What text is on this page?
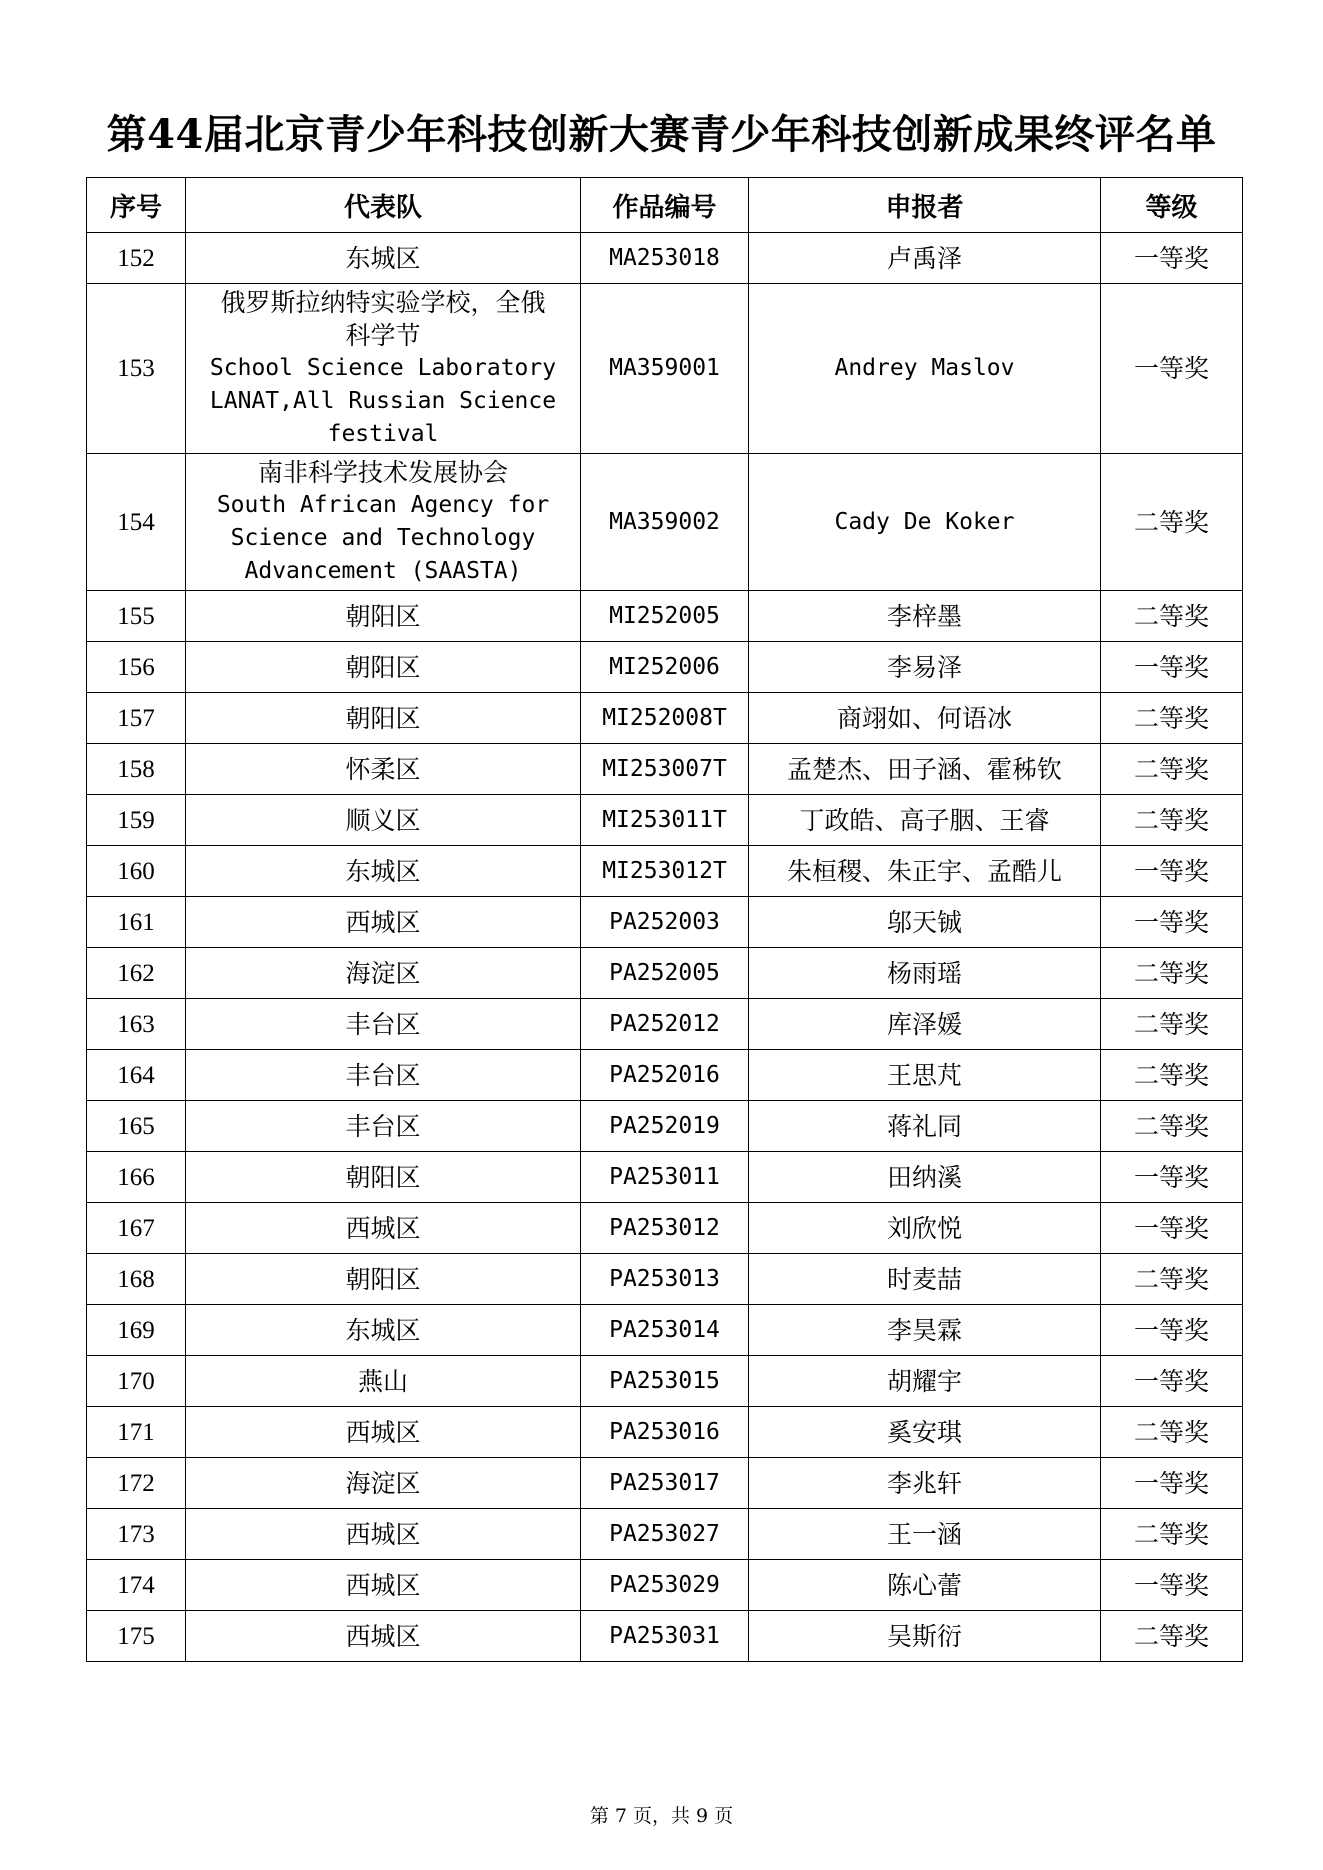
第44届北京青少年科技创新大赛青少年科技创新成果终评名单
序号	代表队	作品编号	申报者	等级
152	东城区	MA253018	卢禹泽	一等奖
153	俄罗斯拉纳特实验学校，全俄
科学节
School Science Laboratory
LANAT,All Russian Science
festival	MA359001	Andrey Maslov	一等奖
154	南非科学技术发展协会
South African Agency for
Science and Technology
Advancement (SAASTA)	MA359002	Cady De Koker	二等奖
155	朝阳区	MI252005	李梓墨	二等奖
156	朝阳区	MI252006	李易泽	一等奖
157	朝阳区	MI252008T	商翊如、何语冰	二等奖
158	怀柔区	MI253007T	孟楚杰、田子涵、霍秭钦	二等奖
159	顺义区	MI253011T	丁政皓、高子胭、王睿	二等奖
160	东城区	MI253012T	朱桓稷、朱正宇、孟酷儿	一等奖
161	西城区	PA252003	邬天铖	一等奖
162	海淀区	PA252005	杨雨瑶	二等奖
163	丰台区	PA252012	库泽媛	二等奖
164	丰台区	PA252016	王思芃	二等奖
165	丰台区	PA252019	蒋礼同	二等奖
166	朝阳区	PA253011	田纳溪	一等奖
167	西城区	PA253012	刘欣悦	一等奖
168	朝阳区	PA253013	时麦喆	二等奖
169	东城区	PA253014	李昊霖	一等奖
170	燕山	PA253015	胡耀宇	一等奖
171	西城区	PA253016	奚安琪	二等奖
172	海淀区	PA253017	李兆轩	一等奖
173	西城区	PA253027	王一涵	二等奖
174	西城区	PA253029	陈心蕾	一等奖
175	西城区	PA253031	吴斯衍	二等奖
第 7 页，共 9 页
